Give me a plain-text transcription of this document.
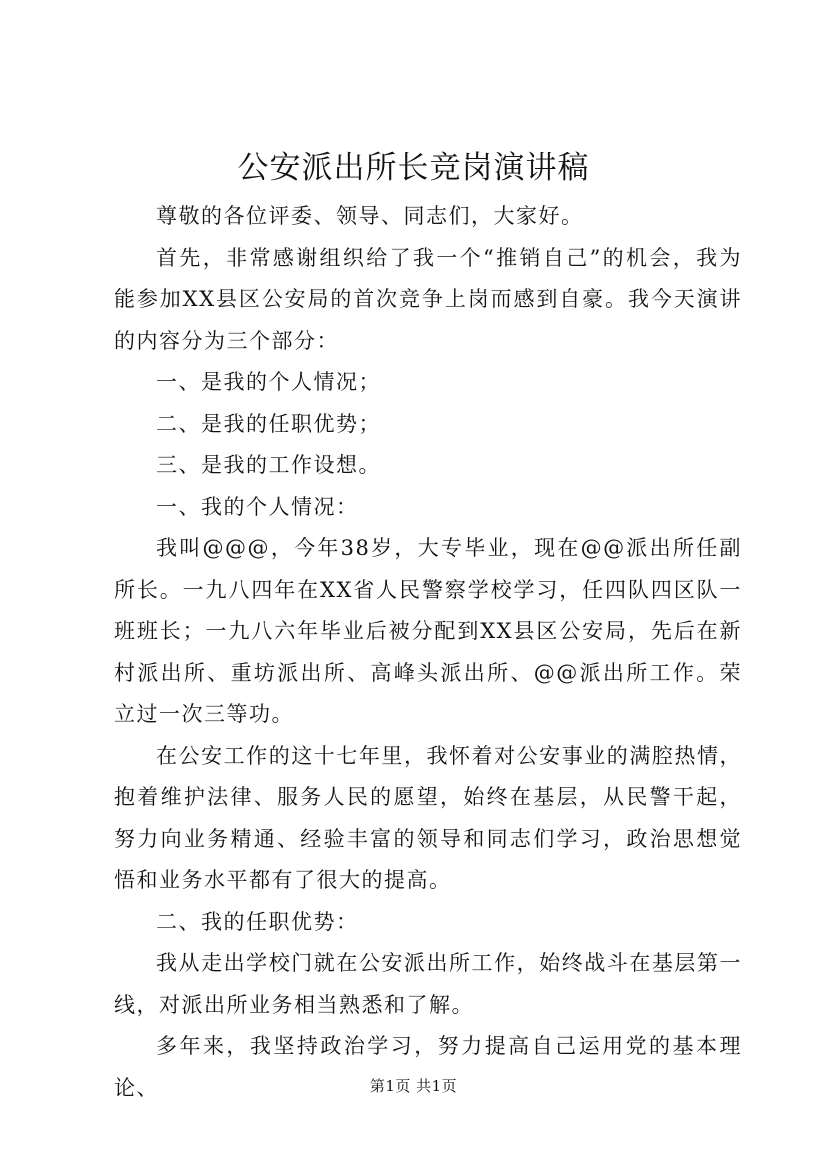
公安派出所长竞岗演讲稿

尊敬的各位评委、领导、同志们，大家好。

首先，非常感谢组织给了我一个“推销自己”的机会，我为能参加XX县区公安局的首次竞争上岗而感到自豪。我今天演讲的内容分为三个部分：

一、是我的个人情况；

二、是我的任职优势；

三、是我的工作设想。

一、我的个人情况：

我叫@@@，今年38岁，大专毕业，现在@@派出所任副所长。一九八四年在XX省人民警察学校学习，任四队四区队一班班长；一九八六年毕业后被分配到XX县区公安局，先后在新村派出所、重坊派出所、高峰头派出所、@@派出所工作。荣立过一次三等功。

在公安工作的这十七年里，我怀着对公安事业的满腔热情，抱着维护法律、服务人民的愿望，始终在基层，从民警干起，努力向业务精通、经验丰富的领导和同志们学习，政治思想觉悟和业务水平都有了很大的提高。

二、我的任职优势：

我从走出学校门就在公安派出所工作，始终战斗在基层第一线，对派出所业务相当熟悉和了解。

多年来，我坚持政治学习，努力提高自己运用党的基本理论、	第1页 共1页
